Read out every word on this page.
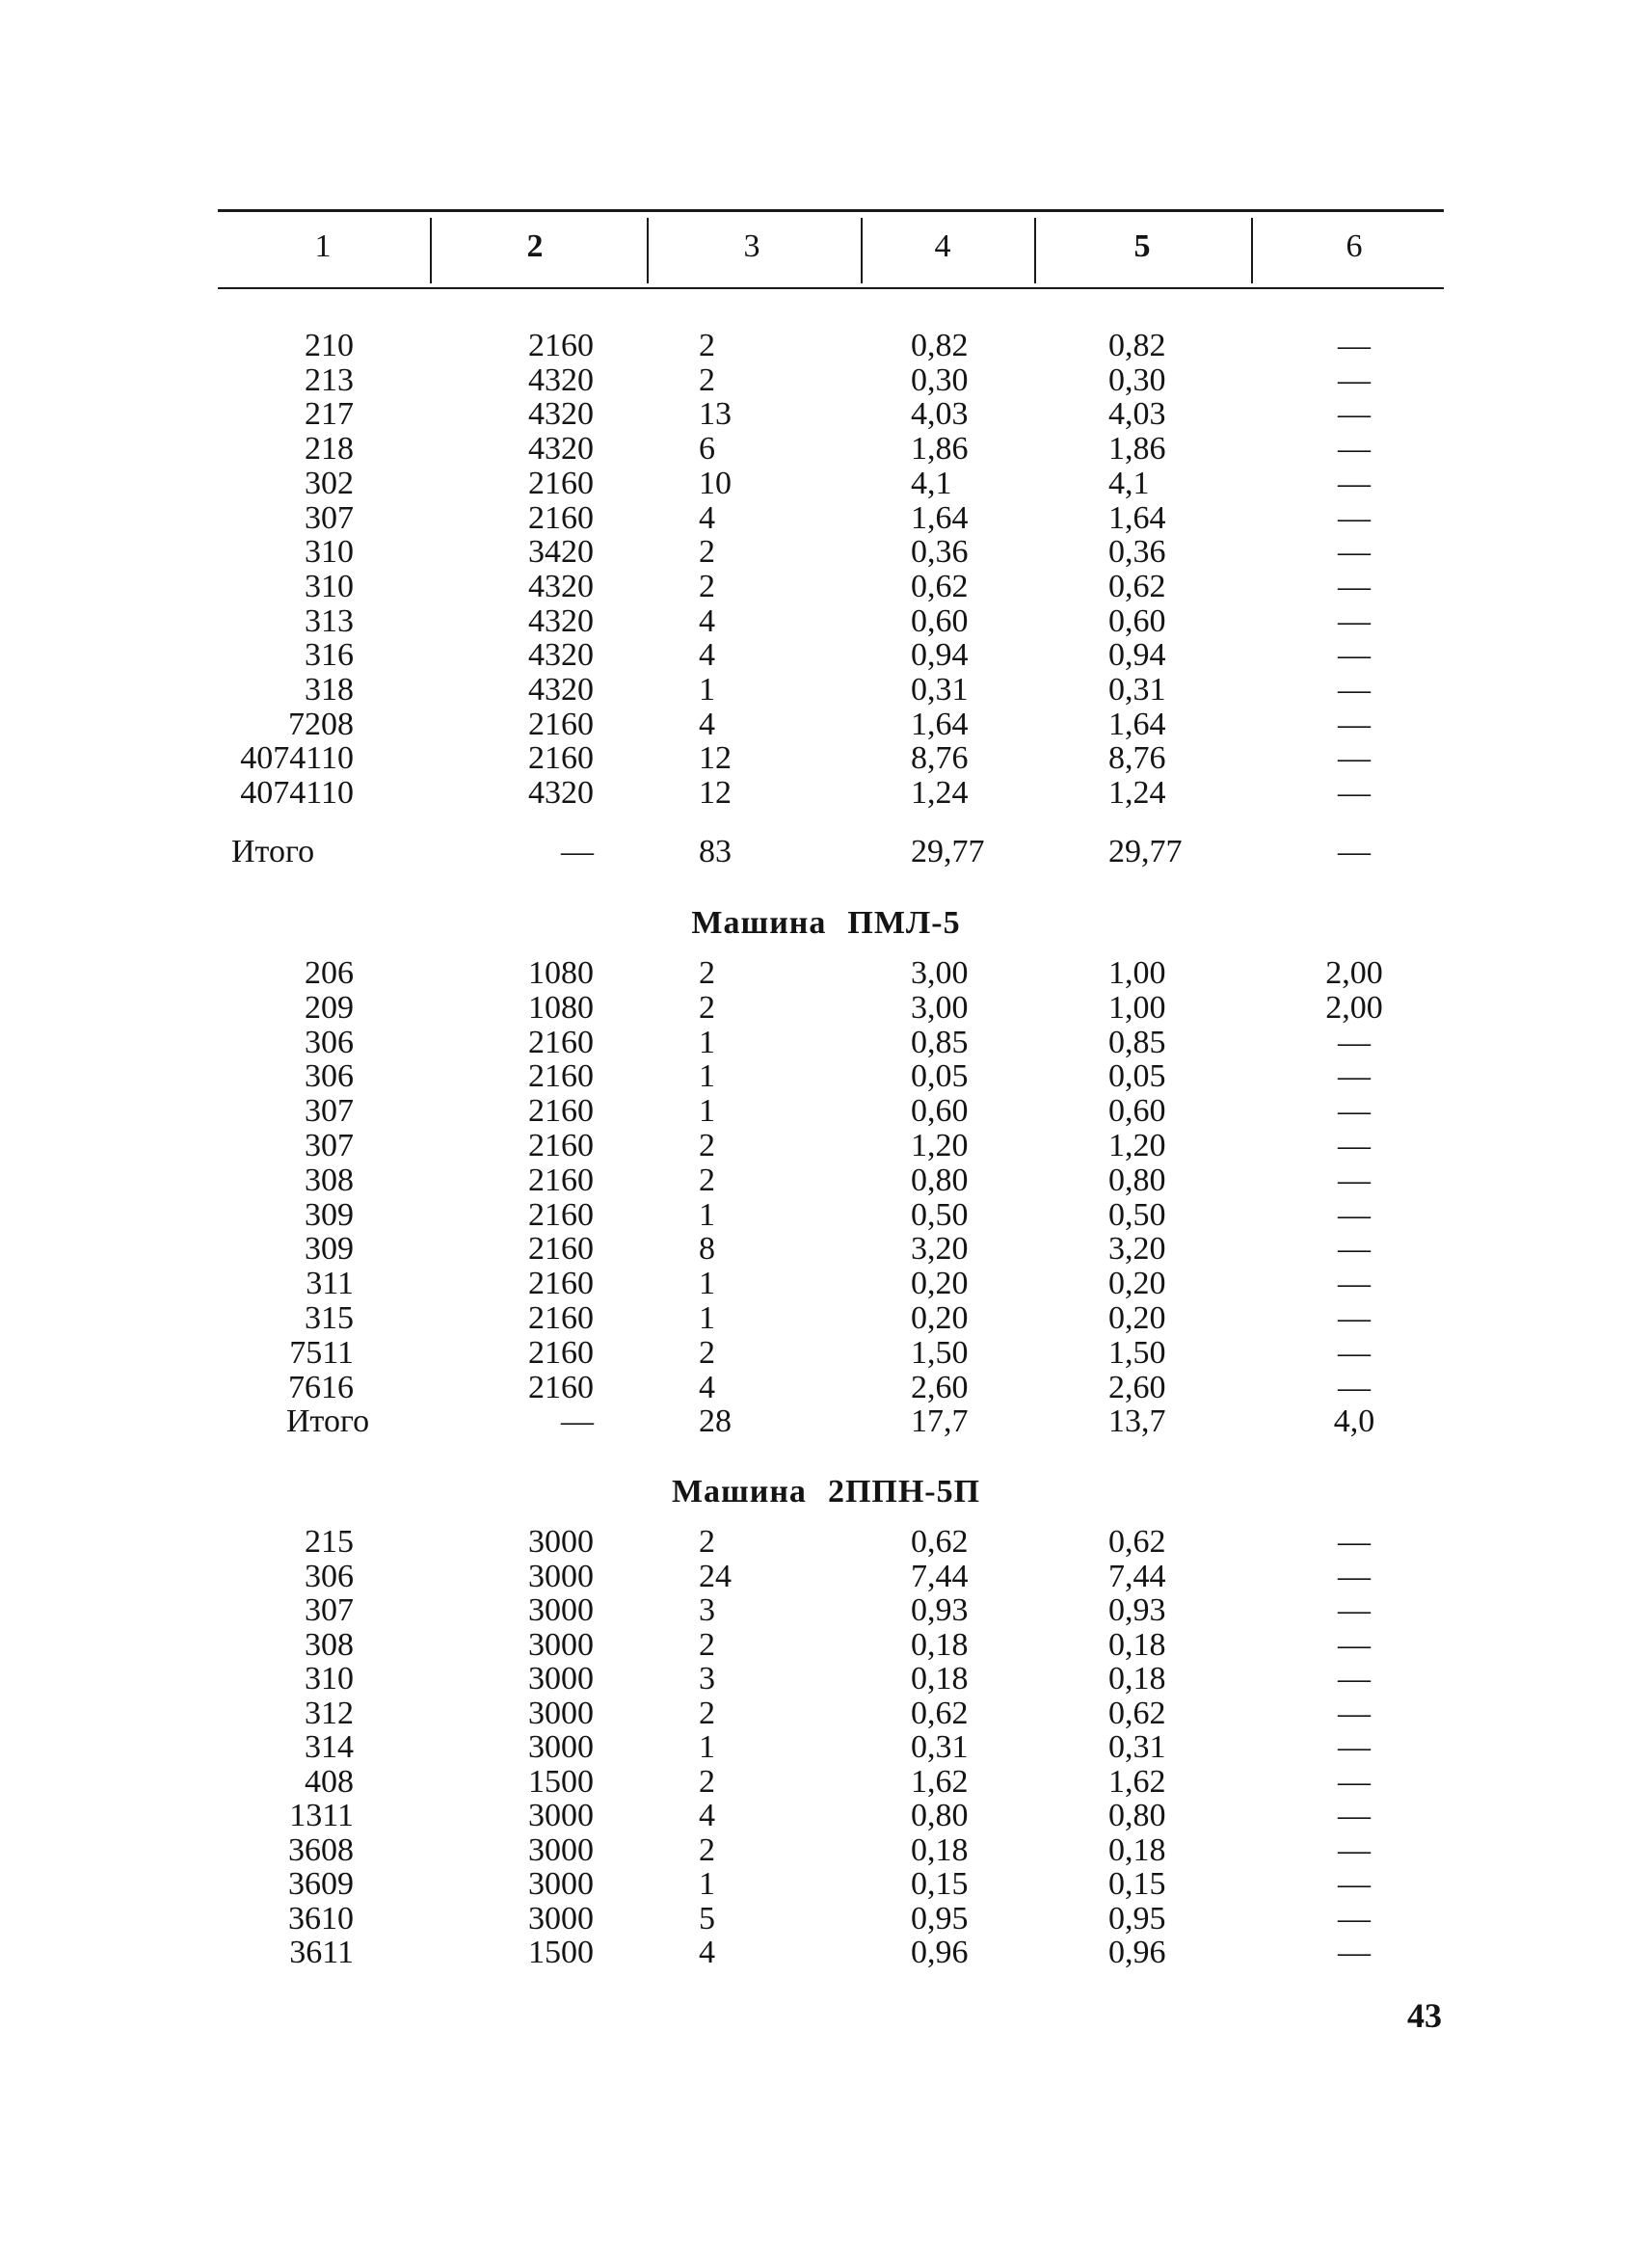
1	2	3	4	5	6
210	2160	2	0,82	0,82	—
213	4320	2	0,30	0,30	—
217	4320	13	4,03	4,03	—
218	4320	6	1,86	1,86	—
302	2160	10	4,1	4,1	—
307	2160	4	1,64	1,64	—
310	3420	2	0,36	0,36	—
310	4320	2	0,62	0,62	—
313	4320	4	0,60	0,60	—
316	4320	4	0,94	0,94	—
318	4320	1	0,31	0,31	—
7208	2160	4	1,64	1,64	—
4074110	2160	12	8,76	8,76	—
4074110	4320	12	1,24	1,24	—
Итого	—	83	29,77	29,77	—
Машина ПМЛ-5
206	1080	2	3,00	1,00	2,00
209	1080	2	3,00	1,00	2,00
306	2160	1	0,85	0,85	—
306	2160	1	0,05	0,05	—
307	2160	1	0,60	0,60	—
307	2160	2	1,20	1,20	—
308	2160	2	0,80	0,80	—
309	2160	1	0,50	0,50	—
309	2160	8	3,20	3,20	—
311	2160	1	0,20	0,20	—
315	2160	1	0,20	0,20	—
7511	2160	2	1,50	1,50	—
7616	2160	4	2,60	2,60	—
Итого	—	28	17,7	13,7	4,0
Машина 2ППН-5П
215	3000	2	0,62	0,62	—
306	3000	24	7,44	7,44	—
307	3000	3	0,93	0,93	—
308	3000	2	0,18	0,18	—
310	3000	3	0,18	0,18	—
312	3000	2	0,62	0,62	—
314	3000	1	0,31	0,31	—
408	1500	2	1,62	1,62	—
1311	3000	4	0,80	0,80	—
3608	3000	2	0,18	0,18	—
3609	3000	1	0,15	0,15	—
3610	3000	5	0,95	0,95	—
3611	1500	4	0,96	0,96	—
43
